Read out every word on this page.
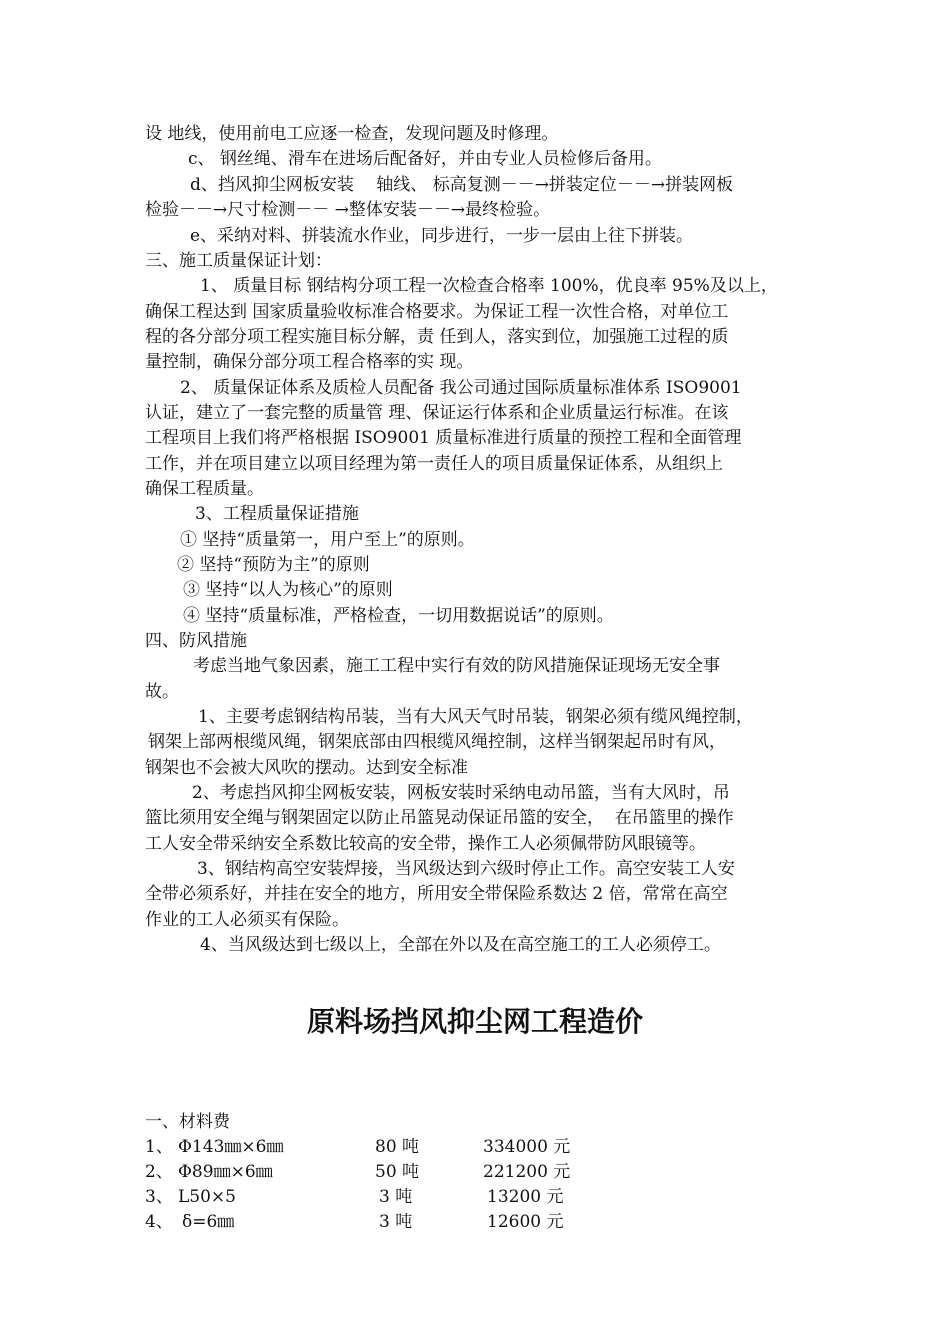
设 地线，使用前电工应逐一检查，发现问题及时修理。

c、 钢丝绳、滑车在进场后配备好，并由专业人员检修后备用。

d、挡风抑尘网板安装　 轴线、 标高复测－－→拼装定位－－→拼装网板

检验－－→尺寸检测－－ →整体安装－－→最终检验。

e、采纳对料、拼装流水作业，同步进行，一步一层由上往下拼装。

三、施工质量保证计划：

1、 质量目标 钢结构分项工程一次检查合格率 100%，优良率 95%及以上，

确保工程达到 国家质量验收标准合格要求。为保证工程一次性合格，对单位工

程的各分部分项工程实施目标分解，责 任到人，落实到位，加强施工过程的质

量控制，确保分部分项工程合格率的实 现。

2、 质量保证体系及质检人员配备 我公司通过国际质量标准体系 ISO9001

认证，建立了一套完整的质量管 理、保证运行体系和企业质量运行标准。在该

工程项目上我们将严格根据 ISO9001 质量标准进行质量的预控工程和全面管理

工作，并在项目建立以项目经理为第一责任人的项目质量保证体系，从组织上

确保工程质量。

3、工程质量保证措施

① 坚持“质量第一，用户至上”的原则。

② 坚持“预防为主”的原则

③ 坚持“以人为核心”的原则

④ 坚持“质量标准，严格检查，一切用数据说话”的原则。

四、防风措施

考虑当地气象因素，施工工程中实行有效的防风措施保证现场无安全事

故。

1、主要考虑钢结构吊装，当有大风天气时吊装，钢架必须有缆风绳控制，

钢架上部两根缆风绳，钢架底部由四根缆风绳控制，这样当钢架起吊时有风，

钢架也不会被大风吹的摆动。达到安全标准

2、考虑挡风抑尘网板安装，网板安装时采纳电动吊篮，当有大风时，吊

篮比须用安全绳与钢架固定以防止吊篮晃动保证吊篮的安全，  在吊篮里的操作

工人安全带采纳安全系数比较高的安全带，操作工人必须佩带防风眼镜等。

3、钢结构高空安装焊接，当风级达到六级时停止工作。高空安装工人安

全带必须系好，并挂在安全的地方，所用安全带保险系数达 2 倍，常常在高空

作业的工人必须买有保险。

4、当风级达到七级以上，全部在外以及在高空施工的工人必须停工。

原料场挡风抑尘网工程造价

一、材料费

1、 Φ143㎜×6㎜	80 吨	334000 元
2、 Φ89㎜×6㎜	50 吨	221200 元
3、 L50×5	3 吨	13200 元
4、 δ=6㎜	3 吨	12600 元
